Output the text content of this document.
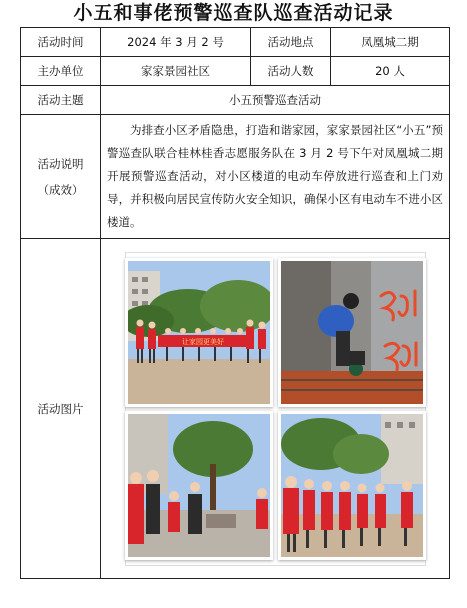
小五和事佬预警巡查队巡查活动记录
活动时间	2024 年 3 月 2 号	活动地点	凤凰城二期
主办单位	家家景园社区	活动人数	20 人
活动主题	小五预警巡查活动		

活动说明
（成效）	为排查小区矛盾隐患，打造和谐家园，家家景园社区“小五”预警巡查队联合桂林桂香志愿服务队在 3 月 2 号下午对凤凰城二期开展预警巡查活动，对小区楼道的电动车停放进行巡查和上门劝导，并积极向居民宣传防火安全知识，确保小区有电动车不进小区楼道。		

活动图片	让家园更美好		
